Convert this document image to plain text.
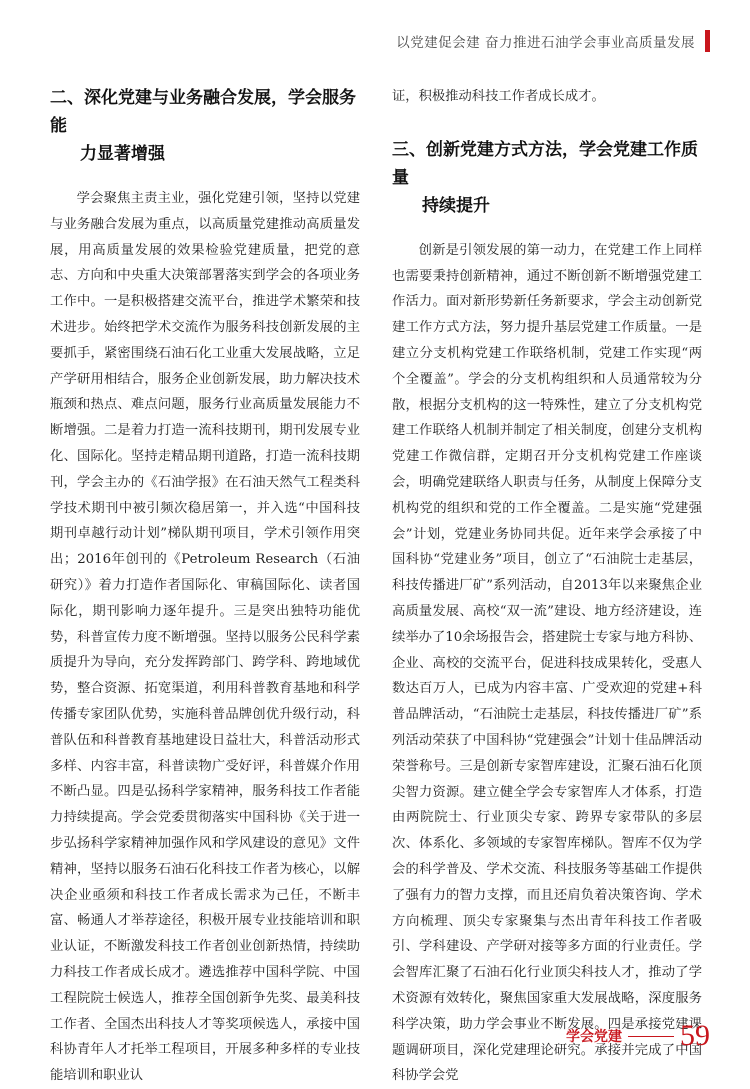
以党建促会建 奋力推进石油学会事业高质量发展
二、深化党建与业务融合发展，学会服务能
力显著增强

学会聚焦主责主业，强化党建引领，坚持以党建与业务融合发展为重点，以高质量党建推动高质量发展，用高质量发展的效果检验党建质量，把党的意志、方向和中央重大决策部署落实到学会的各项业务工作中。一是积极搭建交流平台，推进学术繁荣和技术进步。始终把学术交流作为服务科技创新发展的主要抓手，紧密围绕石油石化工业重大发展战略，立足产学研用相结合，服务企业创新发展，助力解决技术瓶颈和热点、难点问题，服务行业高质量发展能力不断增强。二是着力打造一流科技期刊，期刊发展专业化、国际化。坚持走精品期刊道路，打造一流科技期刊，学会主办的《石油学报》在石油天然气工程类科学技术期刊中被引频次稳居第一，并入选“中国科技期刊卓越行动计划”梯队期刊项目，学术引领作用突出；2016年创刊的《Petroleum Research（石油研究）》着力打造作者国际化、审稿国际化、读者国际化，期刊影响力逐年提升。三是突出独特功能优势，科普宣传力度不断增强。坚持以服务公民科学素质提升为导向，充分发挥跨部门、跨学科、跨地域优势，整合资源、拓宽渠道，利用科普教育基地和科学传播专家团队优势，实施科普品牌创优升级行动，科普队伍和科普教育基地建设日益壮大，科普活动形式多样、内容丰富，科普读物广受好评，科普媒介作用不断凸显。四是弘扬科学家精神，服务科技工作者能力持续提高。学会党委贯彻落实中国科协《关于进一步弘扬科学家精神加强作风和学风建设的意见》文件精神，坚持以服务石油石化科技工作者为核心，以解决企业亟须和科技工作者成长需求为己任，不断丰富、畅通人才举荐途径，积极开展专业技能培训和职业认证，不断激发科技工作者创业创新热情，持续助力科技工作者成长成才。遴选推荐中国科学院、中国工程院院士候选人，推荐全国创新争先奖、最美科技工作者、全国杰出科技人才等奖项候选人，承接中国科协青年人才托举工程项目，开展多种多样的专业技能培训和职业认

证，积极推动科技工作者成长成才。

三、创新党建方式方法，学会党建工作质量
持续提升

创新是引领发展的第一动力，在党建工作上同样也需要秉持创新精神，通过不断创新不断增强党建工作活力。面对新形势新任务新要求，学会主动创新党建工作方式方法，努力提升基层党建工作质量。一是建立分支机构党建工作联络机制，党建工作实现“两个全覆盖”。学会的分支机构组织和人员通常较为分散，根据分支机构的这一特殊性，建立了分支机构党建工作联络人机制并制定了相关制度，创建分支机构党建工作微信群，定期召开分支机构党建工作座谈会，明确党建联络人职责与任务，从制度上保障分支机构党的组织和党的工作全覆盖。二是实施“党建强会”计划，党建业务协同共促。近年来学会承接了中国科协“党建业务”项目，创立了“石油院士走基层，科技传播进厂矿”系列活动，自2013年以来聚焦企业高质量发展、高校“双一流”建设、地方经济建设，连续举办了10余场报告会，搭建院士专家与地方科协、企业、高校的交流平台，促进科技成果转化，受惠人数达百万人，已成为内容丰富、广受欢迎的党建+科普品牌活动，“石油院士走基层，科技传播进厂矿”系列活动荣获了中国科协“党建强会”计划十佳品牌活动荣誉称号。三是创新专家智库建设，汇聚石油石化顶尖智力资源。建立健全学会专家智库人才体系，打造由两院院士、行业顶尖专家、跨界专家带队的多层次、体系化、多领域的专家智库梯队。智库不仅为学会的科学普及、学术交流、科技服务等基础工作提供了强有力的智力支撑，而且还肩负着决策咨询、学术方向梳理、顶尖专家聚集与杰出青年科技工作者吸引、学科建设、产学研对接等多方面的行业责任。学会智库汇聚了石油石化行业顶尖科技人才，推动了学术资源有效转化，聚焦国家重大发展战略，深度服务科学决策，助力学会事业不断发展。四是承接党建课题调研项目，深化党建理论研究。承接并完成了中国科协学会党

学会党建 59
